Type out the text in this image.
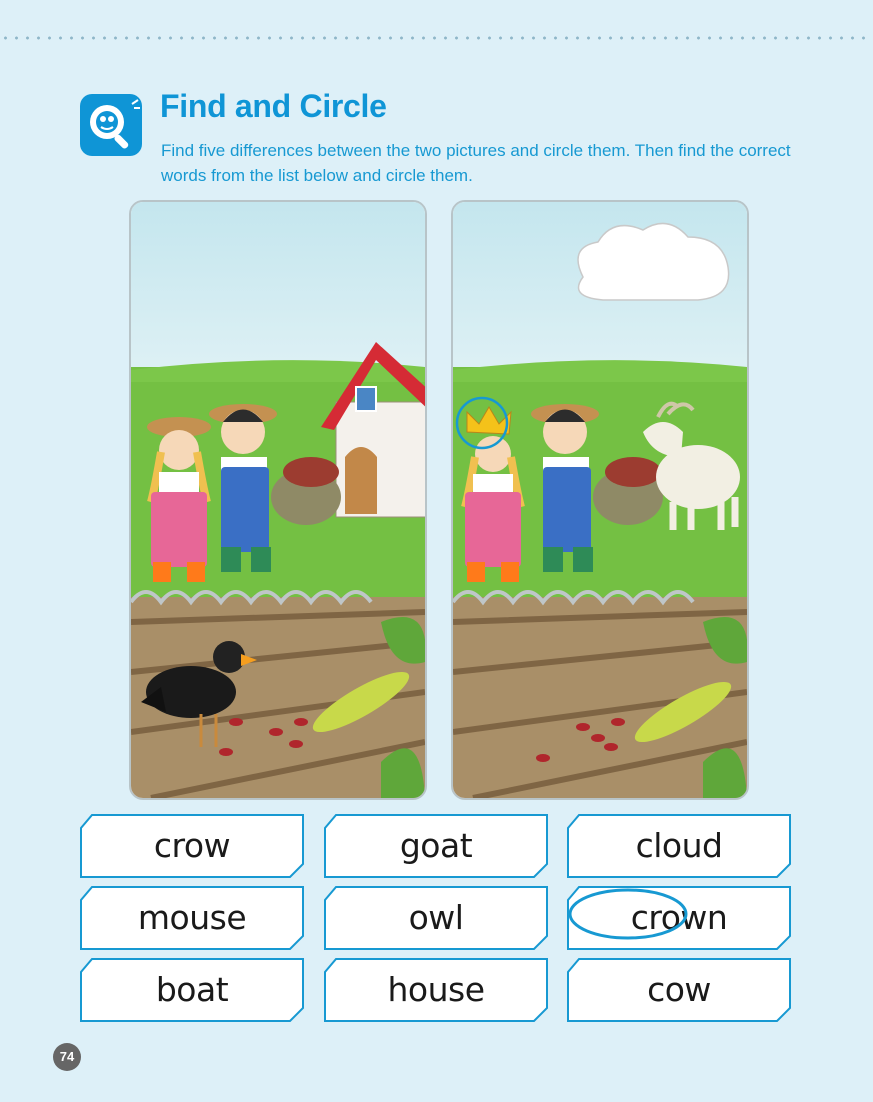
Find and Circle

Find five differences between the two pictures and circle them. Then find the correct words from the list below and circle them.

crow	goat	cloud
mouse	owl	crown
boat	house	cow
74
